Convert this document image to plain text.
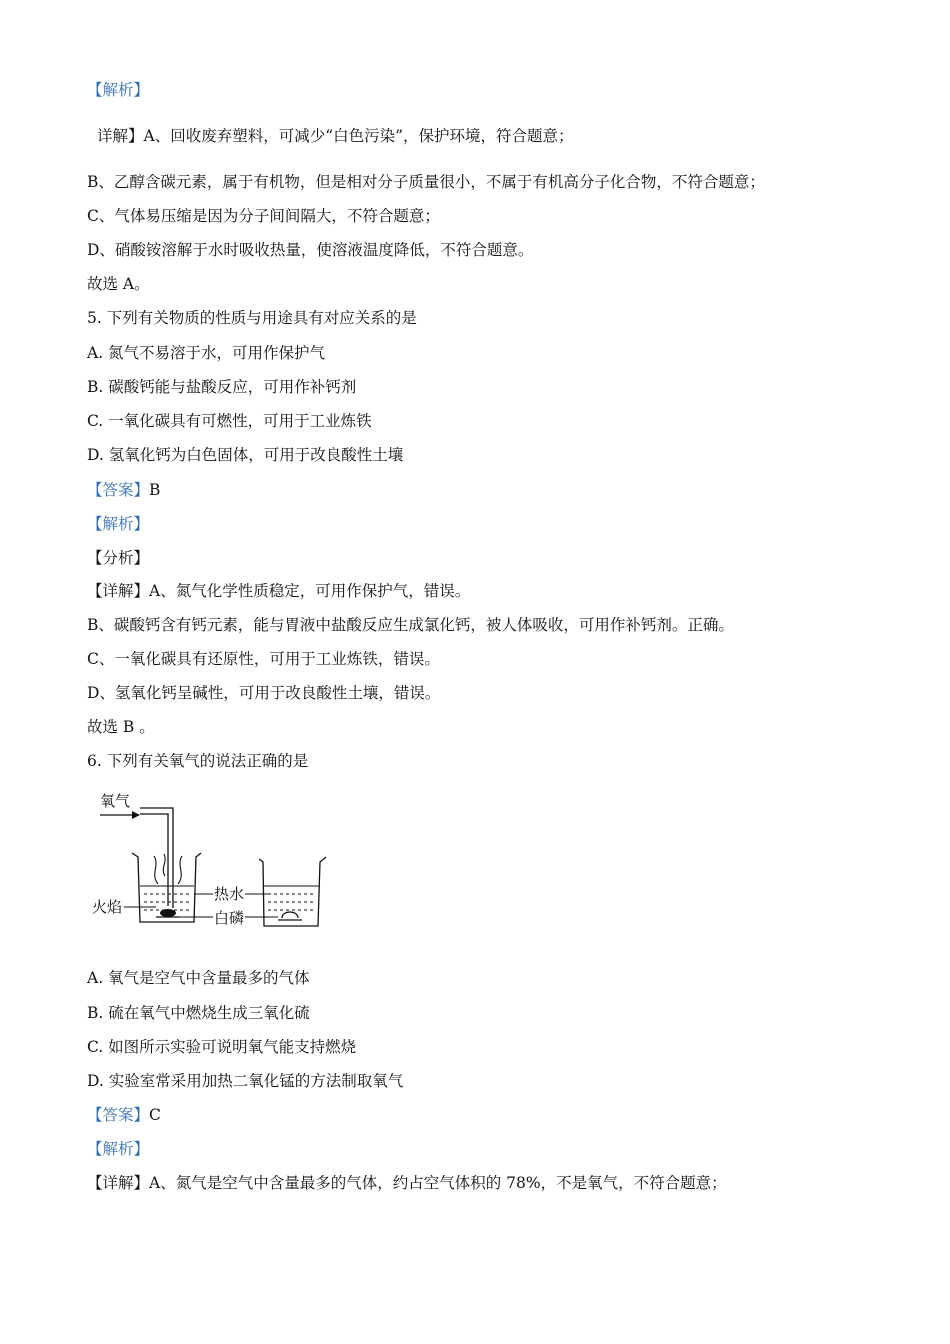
【解析】
详解】A、回收废弃塑料，可减少“白色污染”，保护环境，符合题意；
B、乙醇含碳元素，属于有机物，但是相对分子质量很小，不属于有机高分子化合物，不符合题意；
C、气体易压缩是因为分子间间隔大，不符合题意；
D、硝酸铵溶解于水时吸收热量，使溶液温度降低，不符合题意。
故选 A。
5. 下列有关物质的性质与用途具有对应关系的是
A. 氮气不易溶于水，可用作保护气
B. 碳酸钙能与盐酸反应，可用作补钙剂
C. 一氧化碳具有可燃性，可用于工业炼铁
D. 氢氧化钙为白色固体，可用于改良酸性土壤
【答案】B
【解析】
【分析】
【详解】A、氮气化学性质稳定，可用作保护气，错误。
B、碳酸钙含有钙元素，能与胃液中盐酸反应生成氯化钙，被人体吸收，可用作补钙剂。正确。
C、一氧化碳具有还原性，可用于工业炼铁，错误。
D、氢氧化钙呈碱性，可用于改良酸性土壤，错误。
故选 B 。
6. 下列有关氧气的说法正确的是
氧气
火焰
热水
白磷
A. 氧气是空气中含量最多的气体
B. 硫在氧气中燃烧生成三氧化硫
C. 如图所示实验可说明氧气能支持燃烧
D. 实验室常采用加热二氧化锰的方法制取氧气
【答案】C
【解析】
【详解】A、氮气是空气中含量最多的气体，约占空气体积的 78%，不是氧气，不符合题意；
